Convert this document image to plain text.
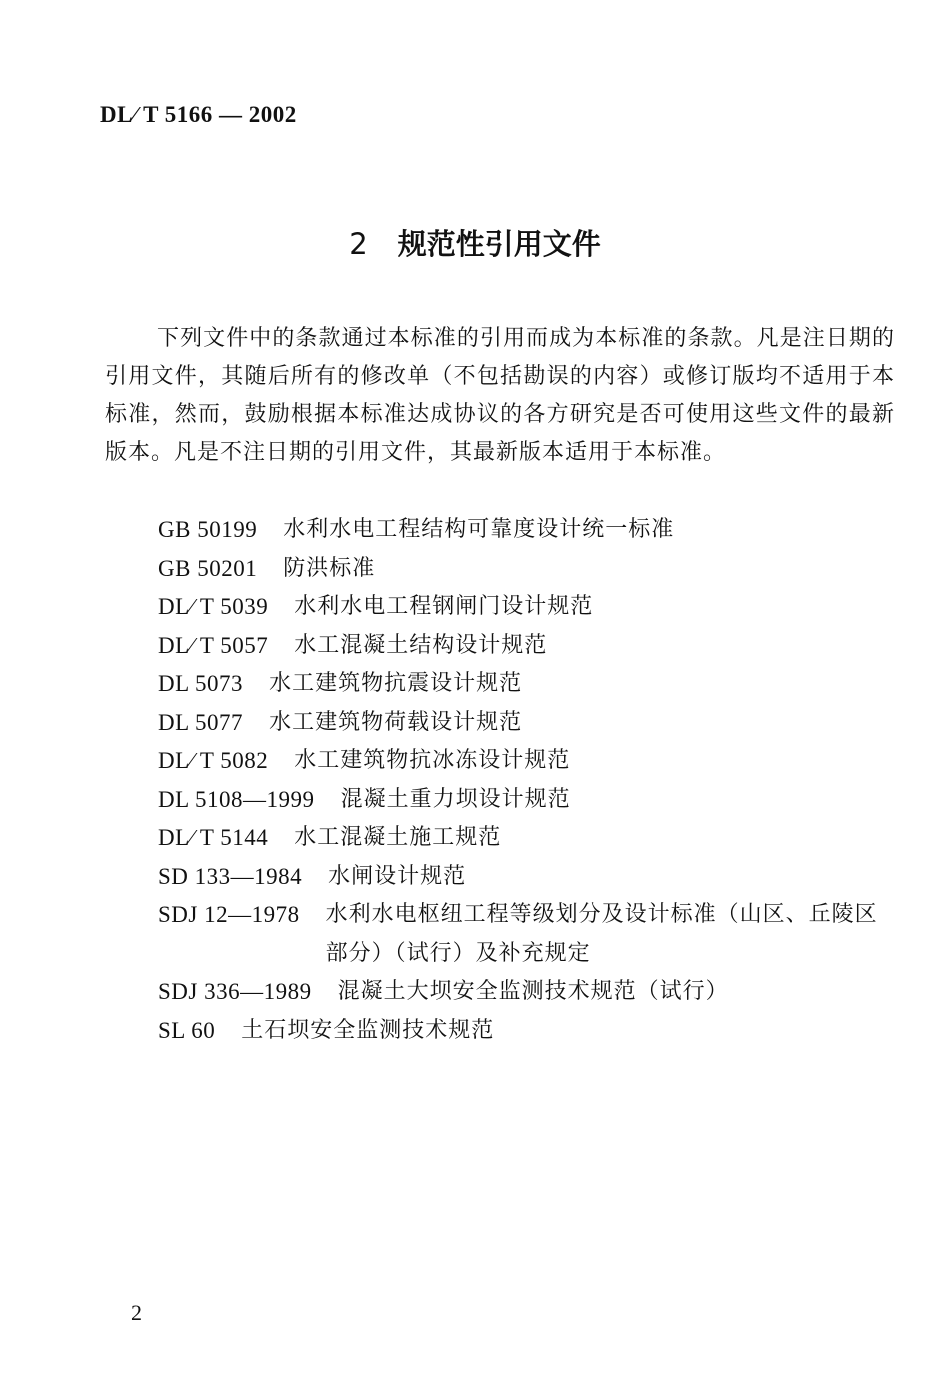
DL∕ T 5166 — 2002
2 规范性引用文件
下列文件中的条款通过本标准的引用而成为本标准的条款。凡是注日期的引用文件，其随后所有的修改单（不包括勘误的内容）或修订版均不适用于本标准，然而，鼓励根据本标准达成协议的各方研究是否可使用这些文件的最新版本。凡是不注日期的引用文件，其最新版本适用于本标准。
GB 50199 水利水电工程结构可靠度设计统一标准
GB 50201 防洪标准
DL∕ T 5039 水利水电工程钢闸门设计规范
DL∕ T 5057 水工混凝土结构设计规范
DL 5073 水工建筑物抗震设计规范
DL 5077 水工建筑物荷载设计规范
DL∕ T 5082 水工建筑物抗冰冻设计规范
DL 5108—1999 混凝土重力坝设计规范
DL∕ T 5144 水工混凝土施工规范
SD 133—1984 水闸设计规范
SDJ 12—1978 水利水电枢纽工程等级划分及设计标准（山区、丘陵区部分）（试行）及补充规定
SDJ 336—1989 混凝土大坝安全监测技术规范（试行）
SL 60 土石坝安全监测技术规范
2
